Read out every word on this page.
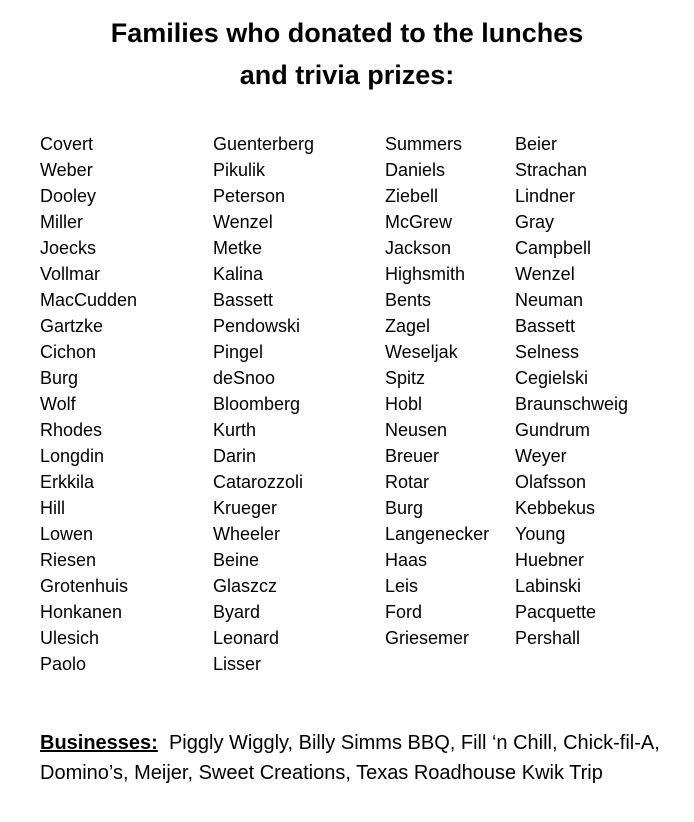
Families who donated to the lunches
and trivia prizes:
Covert
Weber
Dooley
Miller
Joecks
Vollmar
MacCudden
Gartzke
Cichon
Burg
Wolf
Rhodes
Longdin
Erkkila
Hill
Lowen
Riesen
Grotenhuis
Honkanen
Ulesich
Paolo
Guenterberg
Pikulik
Peterson
Wenzel
Metke
Kalina
Bassett
Pendowski
Pingel
deSnoo
Bloomberg
Kurth
Darin
Catarozzoli
Krueger
Wheeler
Beine
Glaszcz
Byard
Leonard
Lisser
Summers
Daniels
Ziebell
McGrew
Jackson
Highsmith
Bents
Zagel
Weseljak
Spitz
Hobl
Neusen
Breuer
Rotar
Burg
Langenecker
Haas
Leis
Ford
Griesemer
Beier
Strachan
Lindner
Gray
Campbell
Wenzel
Neuman
Bassett
Selness
Cegielski
Braunschweig
Gundrum
Weyer
Olafsson
Kebbekus
Young
Huebner
Labinski
Pacquette
Pershall

Businesses: Piggly Wiggly, Billy Simms BBQ, Fill ‘n Chill, Chick-fil-A, Domino’s, Meijer, Sweet Creations, Texas Roadhouse Kwik Trip
